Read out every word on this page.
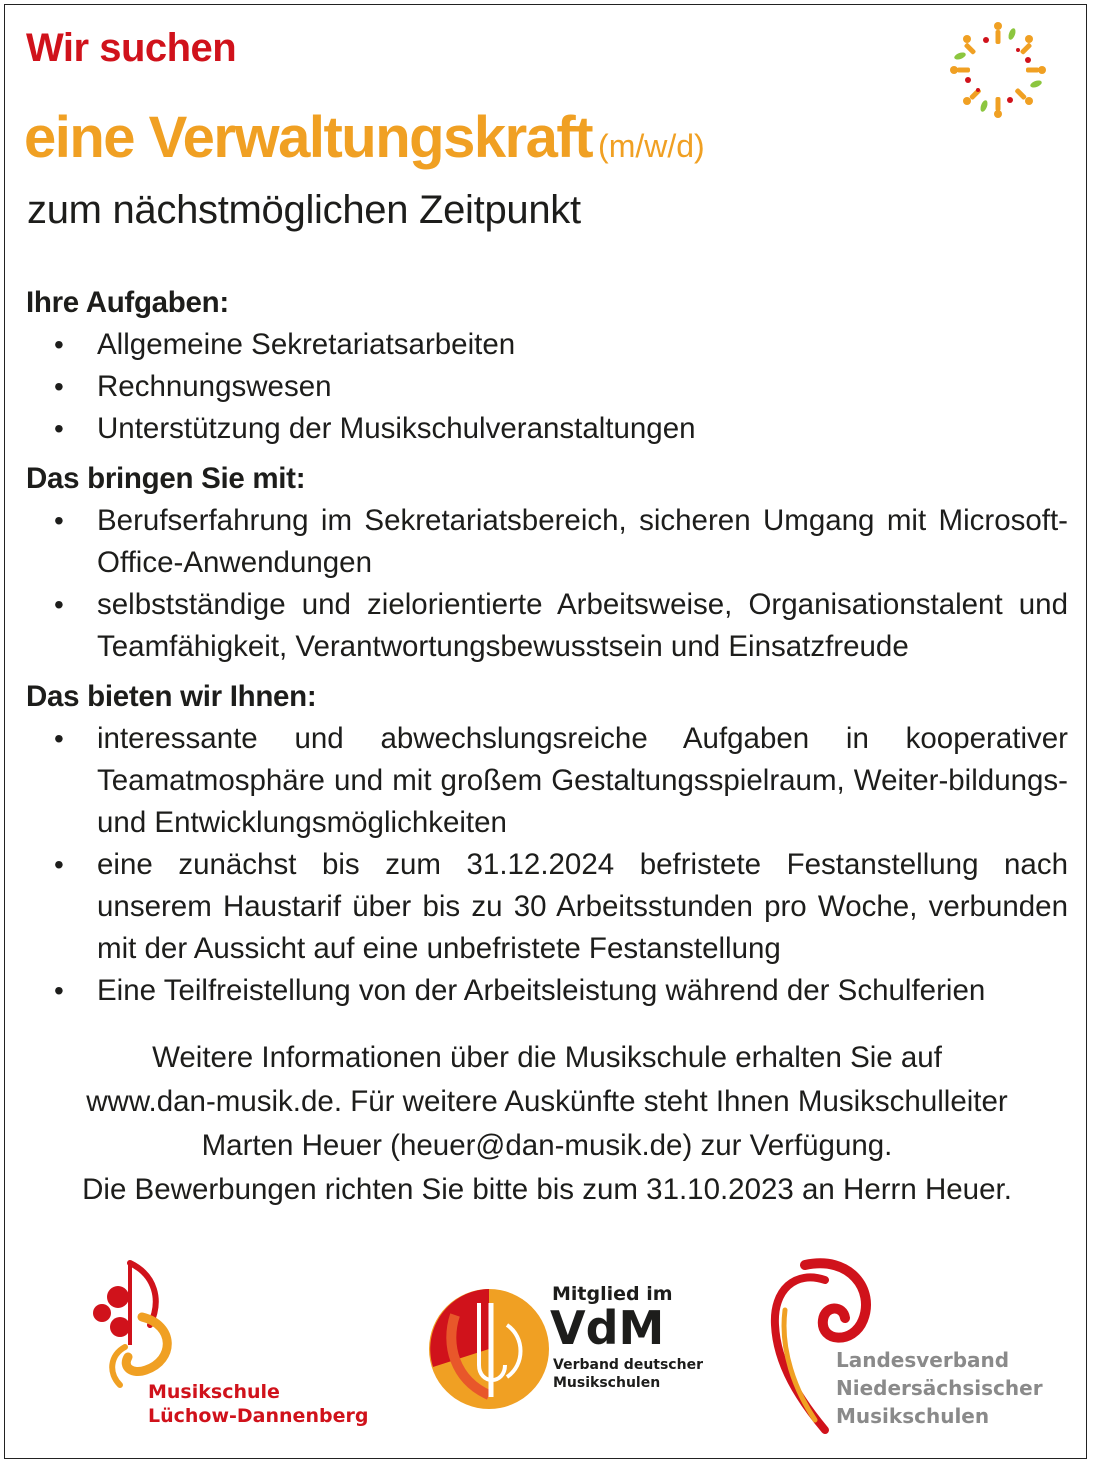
Wir suchen
eine Verwaltungskraft (m/w/d)
zum nächstmöglichen Zeitpunkt

Ihre Aufgaben:

• Allgemeine Sekretariatsarbeiten
• Rechnungswesen
• Unterstützung der Musikschulveranstaltungen

Das bringen Sie mit:

• Berufserfahrung im Sekretariatsbereich, sicheren Umgang mit Microsoft-Office-Anwendungen
• selbstständige und zielorientierte Arbeitsweise, Organisationstalent und Teamfähigkeit, Verantwortungsbewusstsein und Einsatzfreude

Das bieten wir Ihnen:

• interessante und abwechslungsreiche Aufgaben in kooperativer Teamatmosphäre und mit großem Gestaltungsspielraum, Weiter-bildungs- und Entwicklungsmöglichkeiten
• eine zunächst bis zum 31.12.2024 befristete Festanstellung nach unserem Haustarif über bis zu 30 Arbeitsstunden pro Woche, verbunden mit der Aussicht auf eine unbefristete Festanstellung
• Eine Teilfreistellung von der Arbeitsleistung während der Schulferien
Weitere Informationen über die Musikschule erhalten Sie auf
www.dan-musik.de. Für weitere Auskünfte steht Ihnen Musikschulleiter
Marten Heuer (heuer@dan-musik.de) zur Verfügung.
Die Bewerbungen richten Sie bitte bis zum 31.10.2023 an Herrn Heuer.
Musikschule
Lüchow-Dannenberg
Mitglied im
VdM
Verband deutscher
Musikschulen
Landesverband
Niedersächsischer
Musikschulen
